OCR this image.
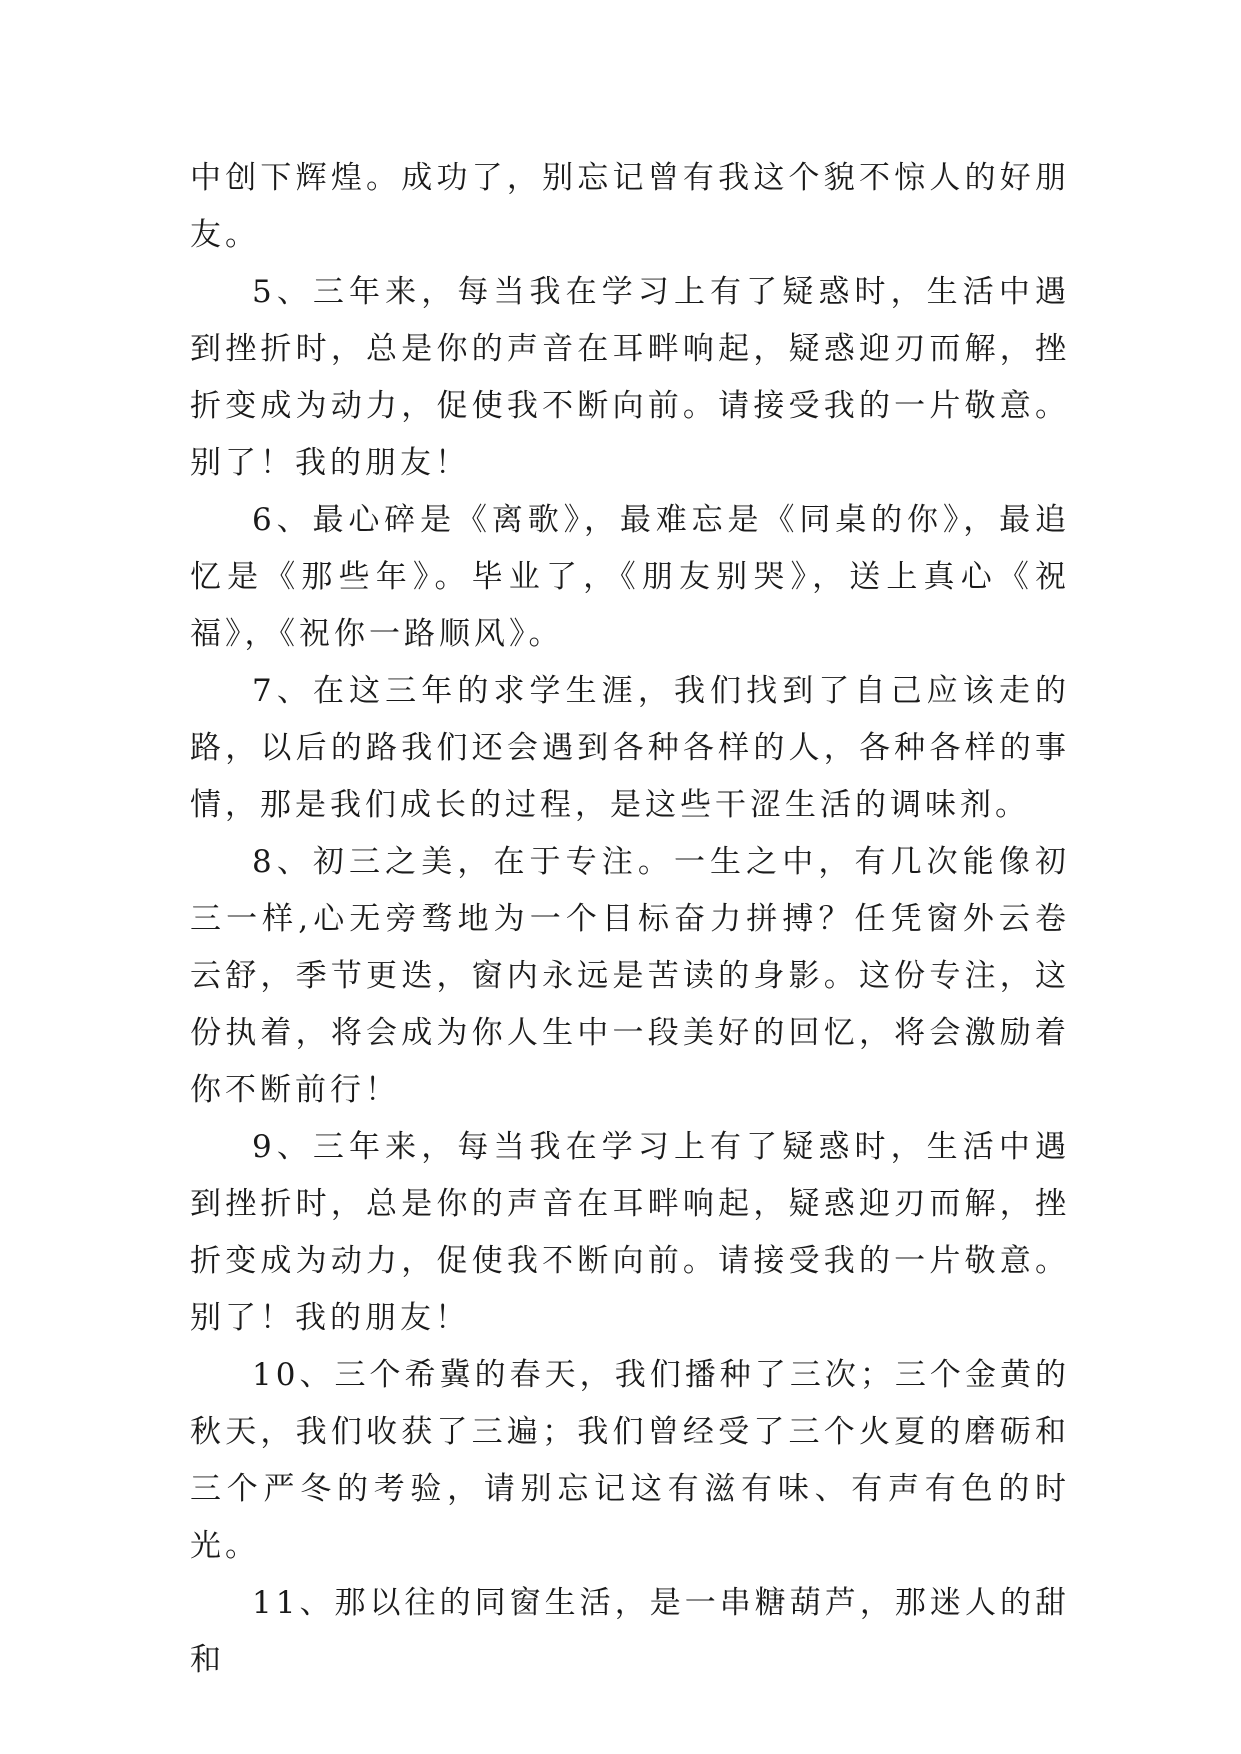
中创下辉煌。成功了，别忘记曾有我这个貌不惊人的好朋友。

5、三年来，每当我在学习上有了疑惑时，生活中遇到挫折时，总是你的声音在耳畔响起，疑惑迎刃而解，挫折变成为动力，促使我不断向前。请接受我的一片敬意。别了！我的朋友！

6、最心碎是《离歌》，最难忘是《同桌的你》，最追忆是《那些年》。毕业了，《朋友别哭》，送上真心《祝福》，《祝你一路顺风》。

7、在这三年的求学生涯，我们找到了自己应该走的路，以后的路我们还会遇到各种各样的人，各种各样的事情，那是我们成长的过程，是这些干涩生活的调味剂。

8、初三之美，在于专注。一生之中，有几次能像初三一样,心无旁骛地为一个目标奋力拼搏？任凭窗外云卷云舒，季节更迭，窗内永远是苦读的身影。这份专注，这份执着，将会成为你人生中一段美好的回忆，将会激励着你不断前行！

9、三年来，每当我在学习上有了疑惑时，生活中遇到挫折时，总是你的声音在耳畔响起，疑惑迎刃而解，挫折变成为动力，促使我不断向前。请接受我的一片敬意。别了！我的朋友！

10、三个希冀的春天，我们播种了三次；三个金黄的秋天，我们收获了三遍；我们曾经受了三个火夏的磨砺和三个严冬的考验，请别忘记这有滋有味、有声有色的时光。

11、那以往的同窗生活，是一串糖葫芦，那迷人的甜和
